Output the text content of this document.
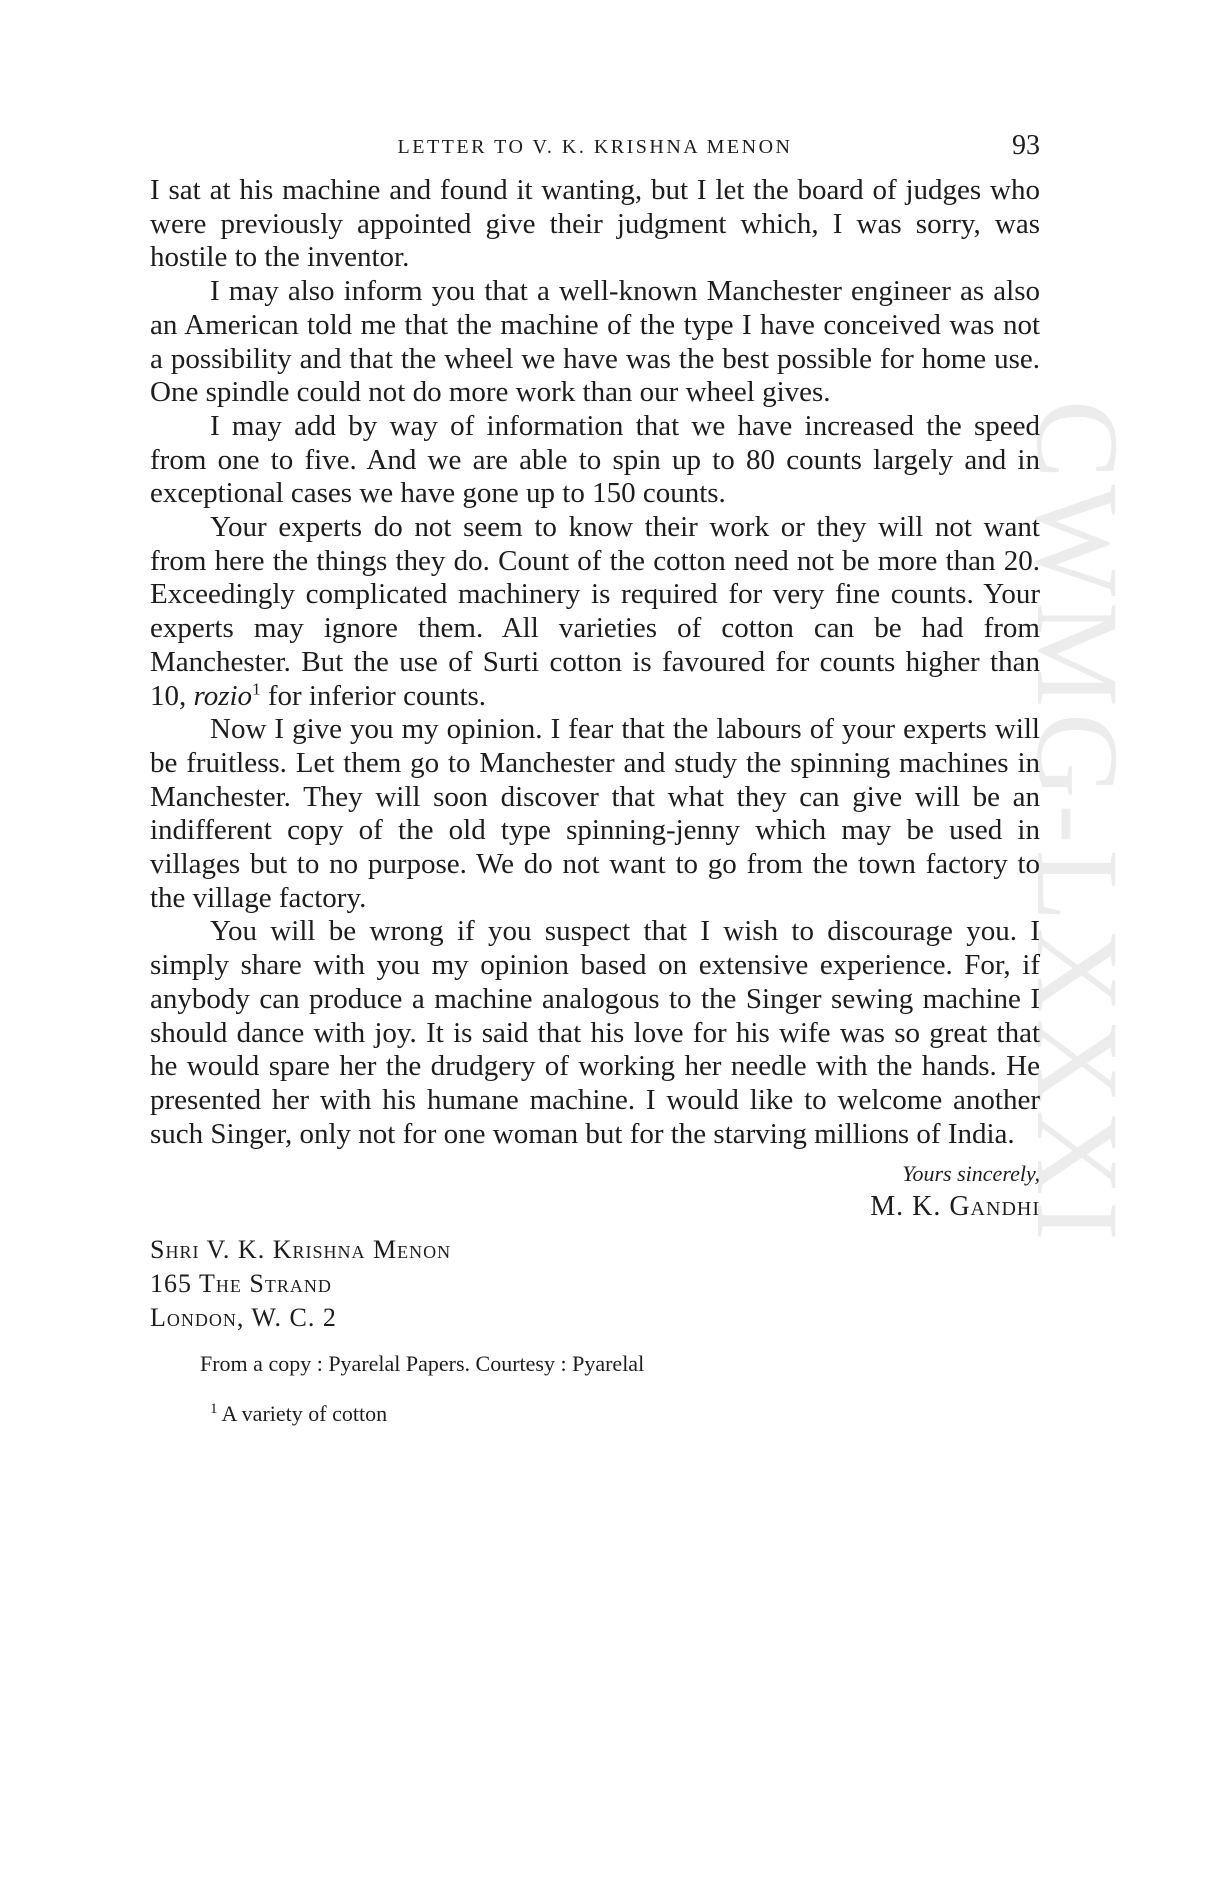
CWMG-LXXXI
LETTER TO V. K. KRISHNA MENON	93

I sat at his machine and found it wanting, but I let the board of judges who were previously appointed give their judgment which, I was sorry, was hostile to the inventor.

I may also inform you that a well-known Manchester engineer as also an American told me that the machine of the type I have conceived was not a possibility and that the wheel we have was the best possible for home use. One spindle could not do more work than our wheel gives.

I may add by way of information that we have increased the speed from one to five. And we are able to spin up to 80 counts largely and in exceptional cases we have gone up to 150 counts.

Your experts do not seem to know their work or they will not want from here the things they do. Count of the cotton need not be more than 20. Exceedingly complicated machinery is required for very fine counts. Your experts may ignore them. All varieties of cotton can be had from Manchester. But the use of Surti cotton is favoured for counts higher than 10, rozio$^1$ for inferior counts.

Now I give you my opinion. I fear that the labours of your experts will be fruitless. Let them go to Manchester and study the spinning machines in Manchester. They will soon discover that what they can give will be an indifferent copy of the old type spinning-jenny which may be used in villages but to no purpose. We do not want to go from the town factory to the village factory.

You will be wrong if you suspect that I wish to discourage you. I simply share with you my opinion based on extensive experience. For, if anybody can produce a machine analogous to the Singer sewing machine I should dance with joy. It is said that his love for his wife was so great that he would spare her the drudgery of working her needle with the hands. He presented her with his humane machine. I would like to welcome another such Singer, only not for one woman but for the starving millions of India.

Yours sincerely,
M. K. Gandhi
Shri V. K. Krishna Menon
165 The Strand
London, W. C. 2
From a copy : Pyarelal Papers. Courtesy : Pyarelal
$^1$ A variety of cotton
